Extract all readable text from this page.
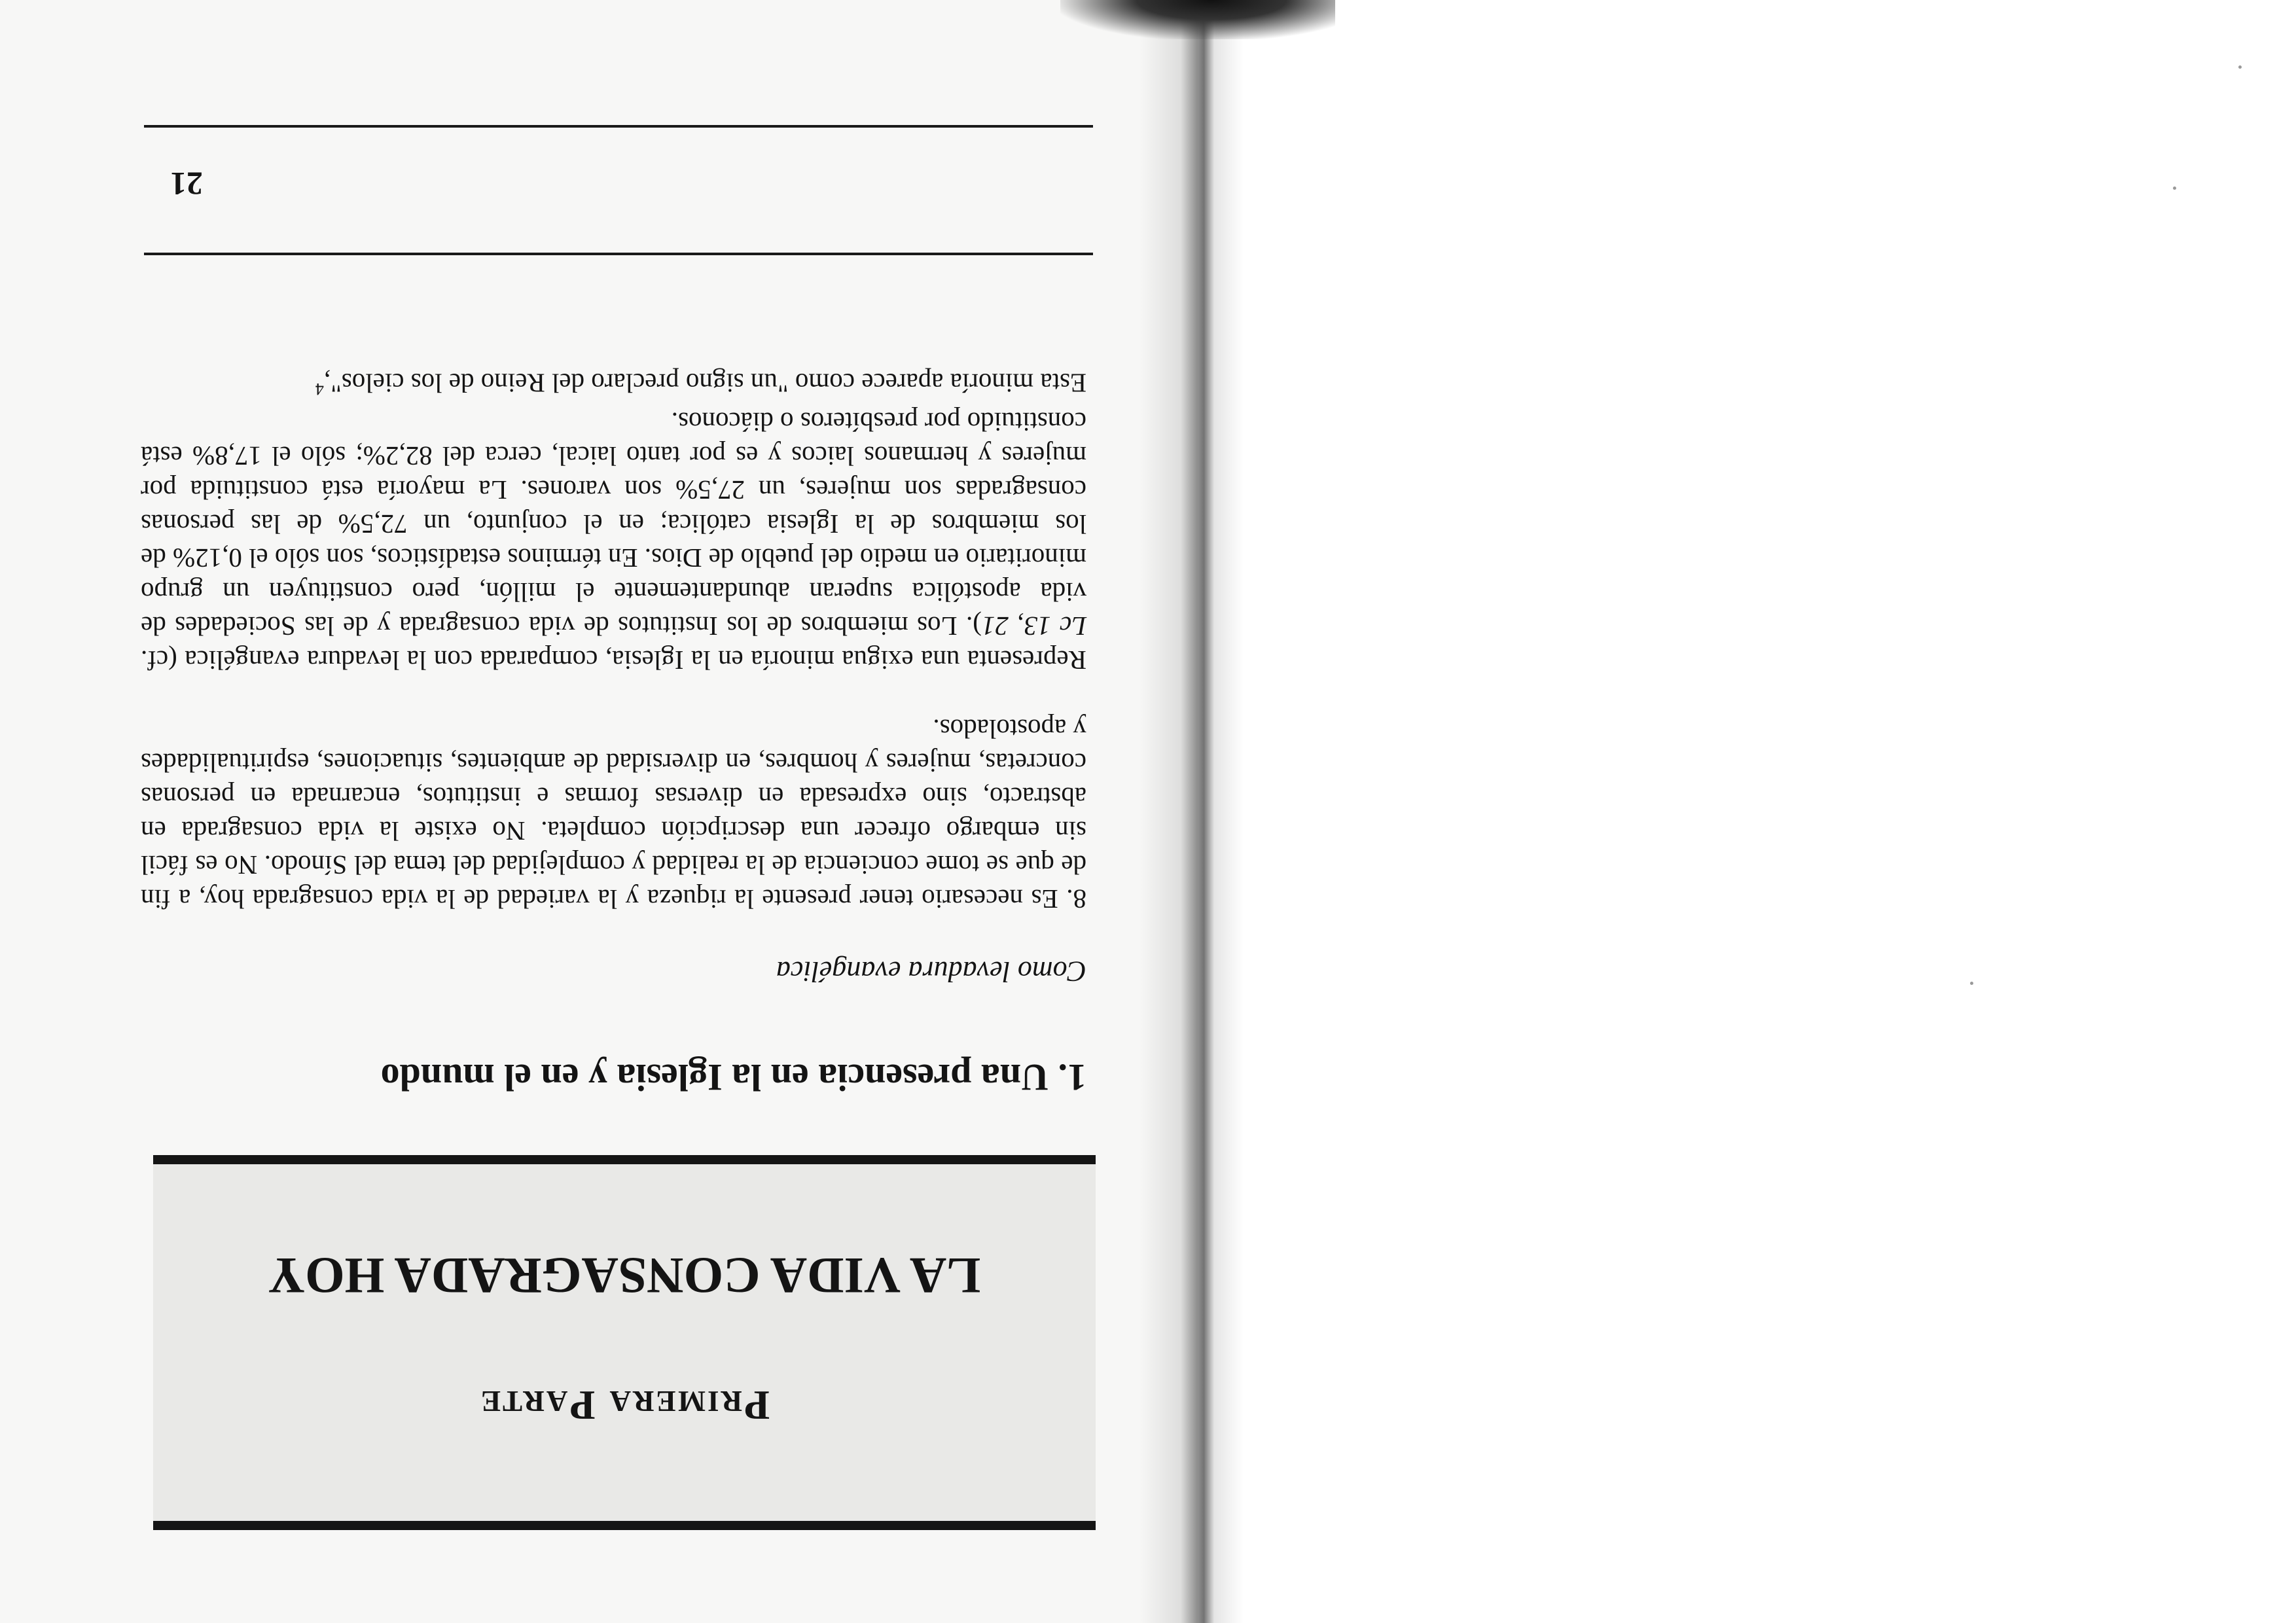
Primera Parte
LA VIDA CONSAGRADA HOY
1. Una presencia en la Iglesia y en el mundo
Como levadura evangélica
8. Es necesario tener presente la riqueza y la variedad de la vida consagrada hoy, a fin de que se tome conciencia de la realidad y complejidad del tema del Sínodo. No es fácil sin embargo ofrecer una descripción completa. No existe la vida consagrada en abstracto, sino expresada en diversas formas e institutos, encarnada en personas concretas, mujeres y hombres, en diversidad de ambientes, situaciones, espiritualidades y apostolados.
Representa una exigua minoría en la Iglesia, comparada con la levadura evangélica (cf. Lc 13, 21). Los miembros de los Institutos de vida consagrada y de las Sociedades de vida apostólica superan abundantemente el millón, pero constituyen un grupo minoritario en medio del pueblo de Dios. En términos estadísticos, son sólo el 0,12% de los miembros de la Iglesia católica; en el conjunto, un 72,5% de las personas consagradas son mujeres, un 27,5% son varones. La mayoría está constituida por mujeres y hermanos laicos y es por tanto laical, cerca del 82,2%; sólo el 17,8% está constituido por presbíteros o diáconos.
Esta minoría aparece como "un signo preclaro del Reino de los cielos",$^4$
21
